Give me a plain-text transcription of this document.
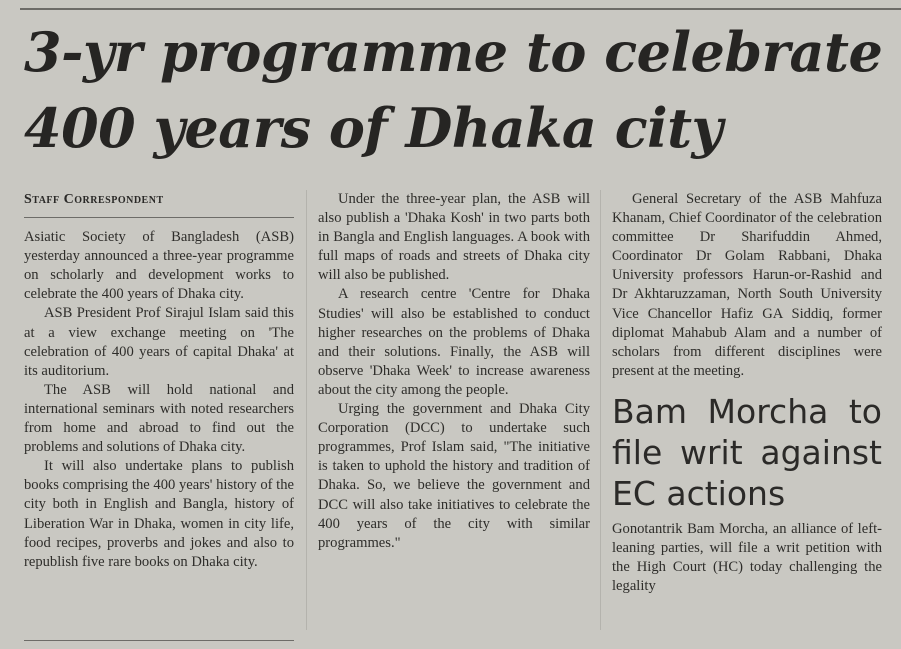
3-yr programme to celebrate
400 years of Dhaka city
Staff Correspondent

Asiatic Society of Bangladesh (ASB) yesterday announced a three-year programme on scholarly and development works to celebrate the 400 years of Dhaka city.

ASB President Prof Sirajul Islam said this at a view exchange meeting on 'The celebration of 400 years of capital Dhaka' at its auditorium.

The ASB will hold national and international seminars with noted researchers from home and abroad to find out the problems and solutions of Dhaka city.

It will also undertake plans to publish books comprising the 400 years' history of the city both in English and Bangla, history of Liberation War in Dhaka, women in city life, food recipes, proverbs and jokes and also to republish five rare books on Dhaka city.

Under the three-year plan, the ASB will also publish a 'Dhaka Kosh' in two parts both in Bangla and English languages. A book with full maps of roads and streets of Dhaka city will also be published.

A research centre 'Centre for Dhaka Studies' will also be established to conduct higher researches on the problems of Dhaka and their solutions. Finally, the ASB will observe 'Dhaka Week' to increase awareness about the city among the people.

Urging the government and Dhaka City Corporation (DCC) to undertake such programmes, Prof Islam said, "The initiative is taken to uphold the history and tradition of Dhaka. So, we believe the government and DCC will also take initiatives to celebrate the 400 years of the city with similar programmes."

General Secretary of the ASB Mahfuza Khanam, Chief Coordinator of the celebration committee Dr Sharifuddin Ahmed, Coordinator Dr Golam Rabbani, Dhaka University professors Harun-or-Rashid and Dr Akhtaruzzaman, North South University Vice Chancellor Hafiz GA Siddiq, former diplomat Mahabub Alam and a number of scholars from different disciplines were present at the meeting.

Bam Morcha to file writ against EC actions

Gonotantrik Bam Morcha, an alliance of left-leaning parties, will file a writ petition with the High Court (HC) today challenging the legality
